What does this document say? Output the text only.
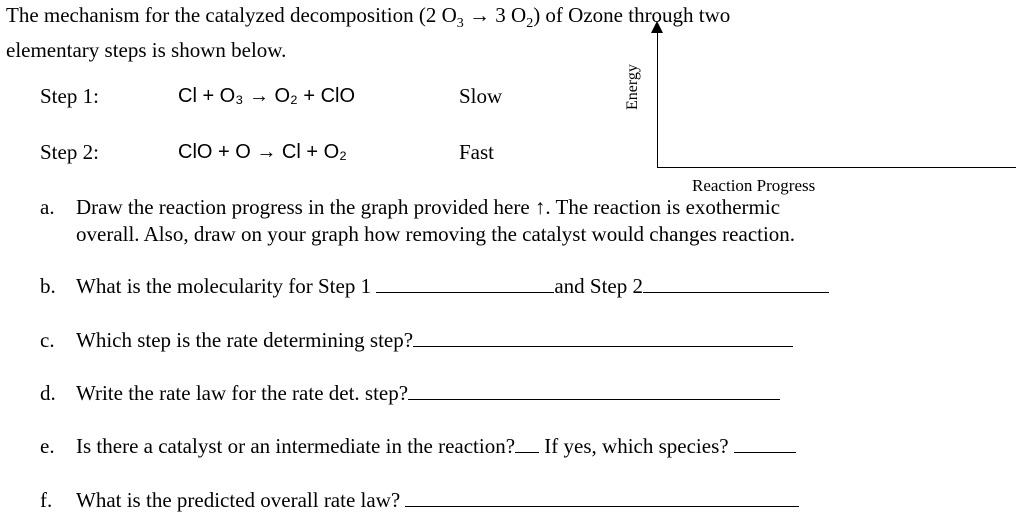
The mechanism for the catalyzed decomposition (2 $O_3 \to 3$ $O_2$) of Ozone through two
elementary steps is shown below.
Step 1:	Cl + O₃ → O₂ + ClO	Slow
Step 2:	ClO + O → Cl + O₂	Fast
Energy
Reaction Progress
a. Draw the reaction progress in the graph provided here ↑. The reaction is exothermic
overall. Also, draw on your graph how removing the catalyst would changes reaction.
b. What is the molecularity for Step 1	and Step 2
c. Which step is the rate determining step?
d. Write the rate law for the rate det. step?
e. Is there a catalyst or an intermediate in the reaction? If yes, which species?
f. What is the predicted overall rate law?
